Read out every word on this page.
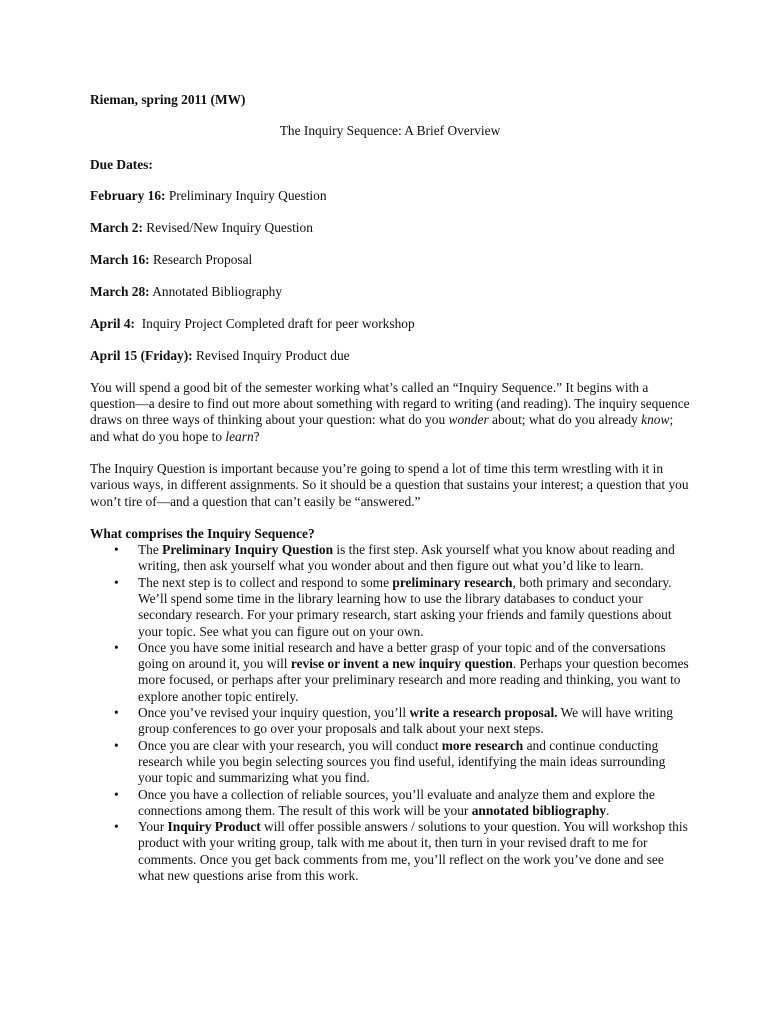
Rieman, spring 2011 (MW)

The Inquiry Sequence: A Brief Overview

Due Dates:

February 16: Preliminary Inquiry Question

March 2: Revised/New Inquiry Question

March 16: Research Proposal

March 28: Annotated Bibliography

April 4:  Inquiry Project Completed draft for peer workshop

April 15 (Friday): Revised Inquiry Product due

You will spend a good bit of the semester working what’s called an “Inquiry Sequence.” It begins with a question—a desire to find out more about something with regard to writing (and reading). The inquiry sequence draws on three ways of thinking about your question: what do you wonder about; what do you already know; and what do you hope to learn?

The Inquiry Question is important because you’re going to spend a lot of time this term wrestling with it in various ways, in different assignments. So it should be a question that sustains your interest; a question that you won’t tire of—and a question that can’t easily be “answered.”

What comprises the Inquiry Sequence?

• The Preliminary Inquiry Question is the first step. Ask yourself what you know about reading and writing, then ask yourself what you wonder about and then figure out what you’d like to learn.
• The next step is to collect and respond to some preliminary research, both primary and secondary. We’ll spend some time in the library learning how to use the library databases to conduct your secondary research. For your primary research, start asking your friends and family questions about your topic. See what you can figure out on your own.
• Once you have some initial research and have a better grasp of your topic and of the conversations going on around it, you will revise or invent a new inquiry question. Perhaps your question becomes more focused, or perhaps after your preliminary research and more reading and thinking, you want to explore another topic entirely.
• Once you’ve revised your inquiry question, you’ll write a research proposal. We will have writing group conferences to go over your proposals and talk about your next steps.
• Once you are clear with your research, you will conduct more research and continue conducting research while you begin selecting sources you find useful, identifying the main ideas surrounding your topic and summarizing what you find.
• Once you have a collection of reliable sources, you’ll evaluate and analyze them and explore the connections among them. The result of this work will be your annotated bibliography.
• Your Inquiry Product will offer possible answers / solutions to your question. You will workshop this product with your writing group, talk with me about it, then turn in your revised draft to me for comments. Once you get back comments from me, you’ll reflect on the work you’ve done and see what new questions arise from this work.
